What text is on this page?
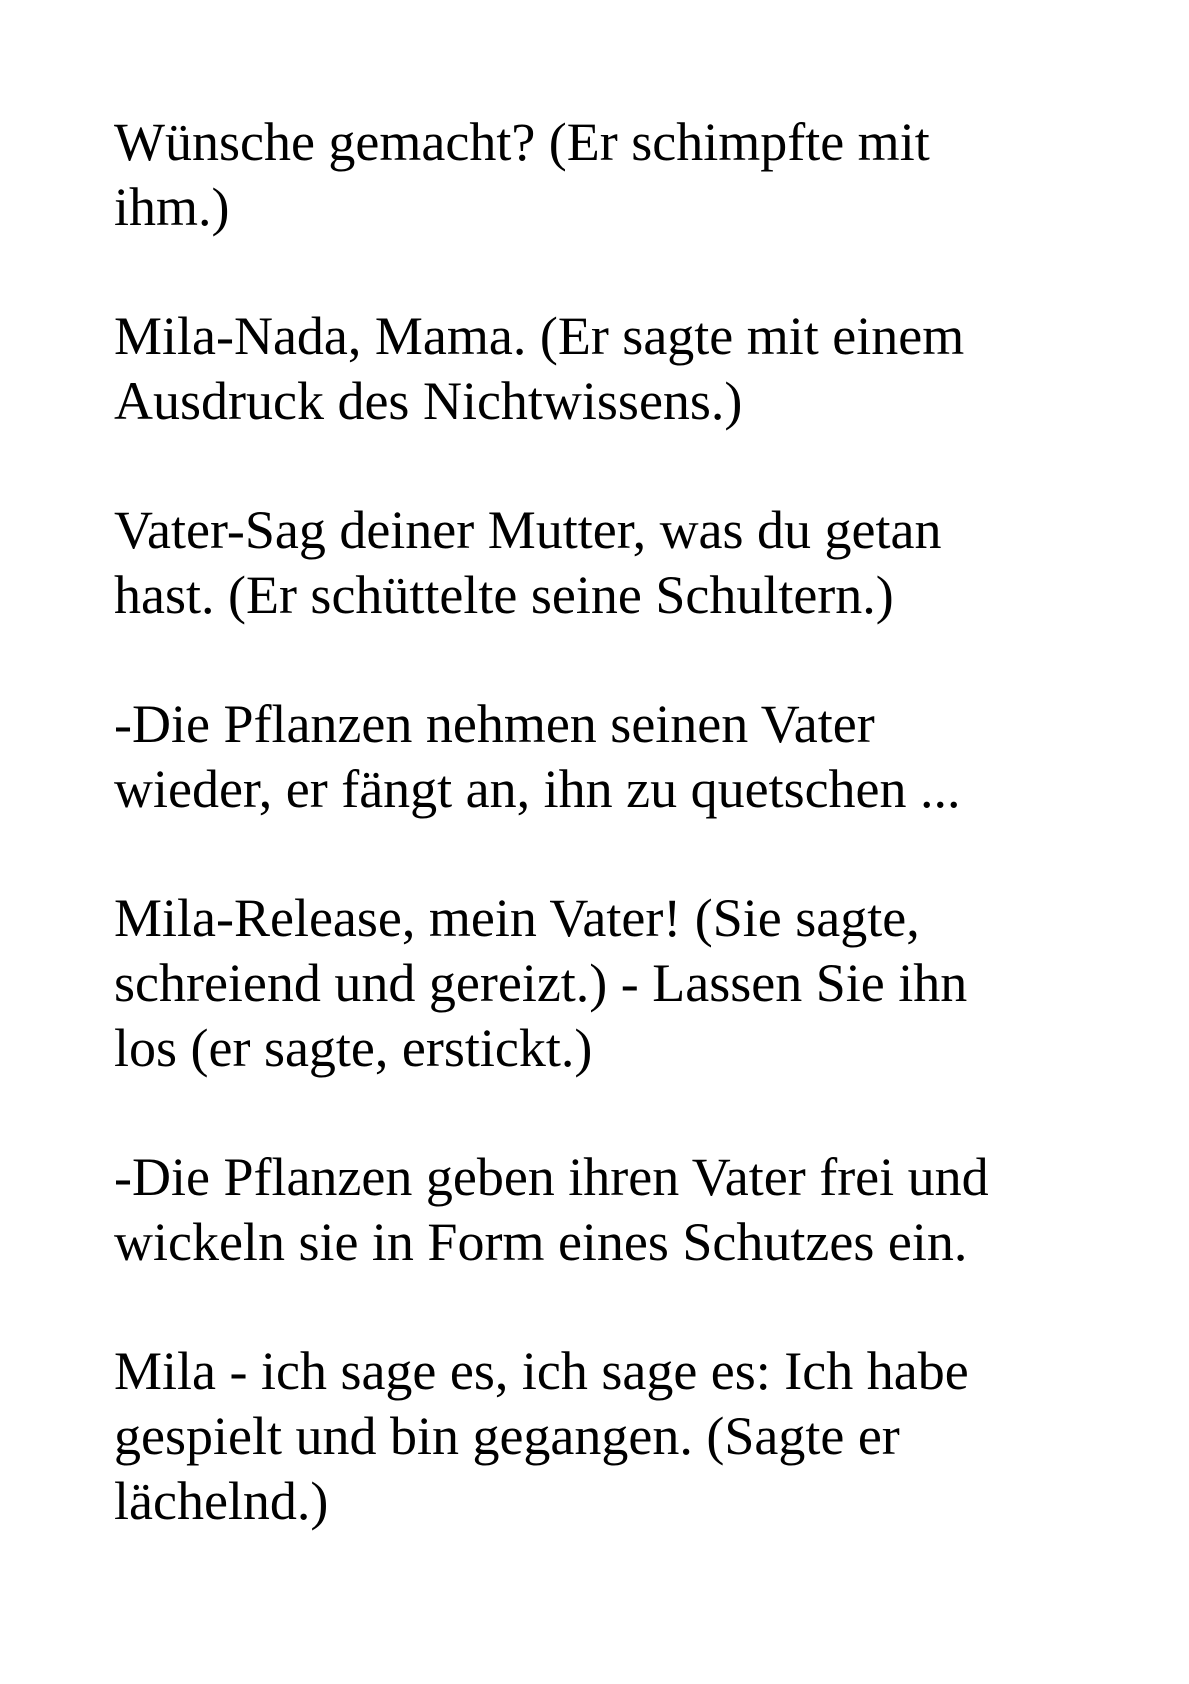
Wünsche gemacht? (Er schimpfte mit ihm.)

Mila-Nada, Mama. (Er sagte mit einem Ausdruck des Nichtwissens.)

Vater-Sag deiner Mutter, was du getan hast. (Er schüttelte seine Schultern.)

-Die Pflanzen nehmen seinen Vater wieder, er fängt an, ihn zu quetschen ...

Mila-Release, mein Vater! (Sie sagte, schreiend und gereizt.) - Lassen Sie ihn los (er sagte, erstickt.)

-Die Pflanzen geben ihren Vater frei und wickeln sie in Form eines Schutzes ein.

Mila - ich sage es, ich sage es: Ich habe gespielt und bin gegangen. (Sagte er lächelnd.)
